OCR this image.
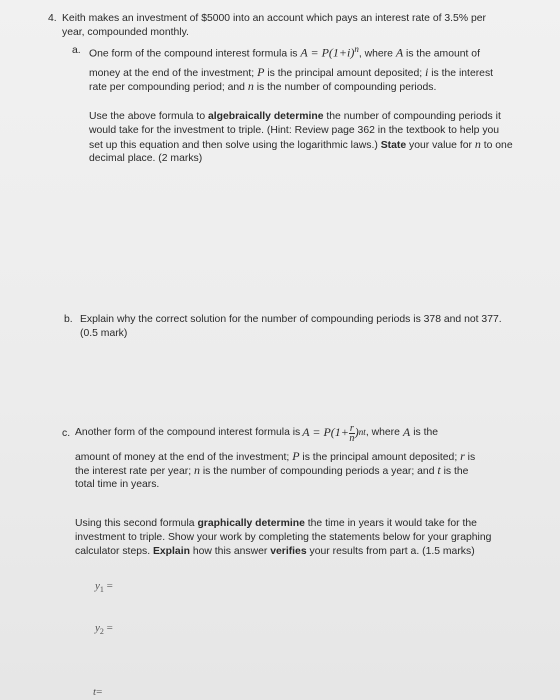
4. Keith makes an investment of $5000 into an account which pays an interest rate of 3.5% per
year, compounded monthly.
a. One form of the compound interest formula is A = P(1+i)n, where A is the amount of
money at the end of the investment; P is the principal amount deposited; i is the interest
rate per compounding period; and n is the number of compounding periods.
Use the above formula to algebraically determine the number of compounding periods it
would take for the investment to triple. (Hint: Review page 362 in the textbook to help you
set up this equation and then solve using the logarithmic laws.) State your value for n to one
decimal place. (2 marks)
b. Explain why the correct solution for the number of compounding periods is 378 and not 377.
(0.5 mark)
c. Another form of the compound interest formula is $A = P(1+ \frac{r}{n}$ ) nt , where A is the
amount of money at the end of the investment; P is the principal amount deposited; r is
the interest rate per year; n is the number of compounding periods a year; and t is the
total time in years.
Using this second formula graphically determine the time in years it would take for the
investment to triple. Show your work by completing the statements below for your graphing
calculator steps. Explain how this answer verifies your results from part a. (1.5 marks)
$y_1$ =
$y_2$ =
t=
